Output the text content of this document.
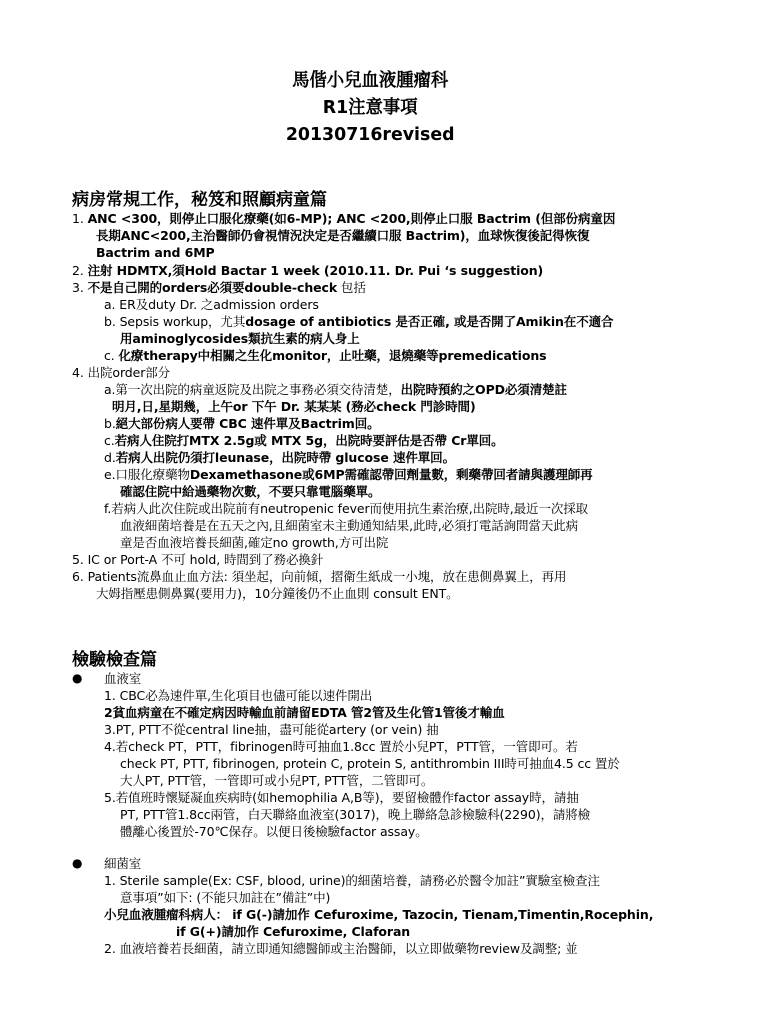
馬偕小兒血液腫瘤科
R1注意事項
20130716revised
病房常規工作，秘笈和照顧病童篇
1. ANC <300，則停止口服化療藥(如6-MP); ANC <200,則停止口服 Bactrim (但部份病童因
長期ANC<200,主治醫師仍會視情況決定是否繼續口服 Bactrim)，血球恢復後記得恢復
Bactrim and 6MP
2. 注射 HDMTX,須Hold Bactar 1 week (2010.11. Dr. Pui ‘s suggestion)
3. 不是自己開的orders必須要double-check 包括
a. ER及duty Dr. 之admission orders
b. Sepsis workup，尤其dosage of antibiotics 是否正確, 或是否開了Amikin在不適合
用aminoglycosides類抗生素的病人身上
c. 化療therapy中相關之生化monitor，止吐藥，退燒藥等premedications
4. 出院order部分
a.第一次出院的病童返院及出院之事務必須交待清楚，出院時預約之OPD必須清楚註
明月,日,星期幾，上午or 下午 Dr. 某某某 (務必check 門診時間)
b.絕大部份病人要帶 CBC 速件單及Bactrim回。
c.若病人住院打MTX 2.5g或 MTX 5g，出院時要評估是否帶 Cr單回。
d.若病人出院仍須打leunase，出院時帶 glucose 速件單回。
e.口服化療藥物Dexamethasone或6MP需確認帶回劑量數，剩藥帶回者請與護理師再
確認住院中給過藥物次數，不要只靠電腦藥單。
f.若病人此次住院或出院前有neutropenic fever而使用抗生素治療,出院時,最近一次採取
血液細菌培養是在五天之內,且細菌室未主動通知結果,此時,必須打電話詢問當天此病
童是否血液培養長細菌,確定no growth,方可出院
5. IC or Port-A 不可 hold, 時間到了務必換針
6. Patients流鼻血止血方法: 須坐起，向前傾，摺衛生紙成一小塊，放在患側鼻翼上，再用
大姆指壓患側鼻翼(要用力)，10分鐘後仍不止血則 consult ENT。
檢驗檢查篇
● 血液室
1. CBC必為速件單,生化項目也儘可能以速件開出
2貧血病童在不確定病因時輸血前請留EDTA 管2管及生化管1管後才輸血
3.PT, PTT不從central line抽，盡可能從artery (or vein) 抽
4.若check PT，PTT，fibrinogen時可抽血1.8cc 置於小兒PT，PTT管，一管即可。若
check PT, PTT, fibrinogen, protein C, protein S, antithrombin III時可抽血4.5 cc 置於
大人PT, PTT管，一管即可或小兒PT, PTT管，二管即可。
5.若值班時懷疑凝血疾病時(如hemophilia A,B等)，要留檢體作factor assay時，請抽
PT, PTT管1.8cc兩管，白天聯絡血液室(3017)，晚上聯絡急診檢驗科(2290)，請將檢
體離心後置於-70℃保存。以便日後檢驗factor assay。
● 細菌室
1. Sterile sample(Ex: CSF, blood, urine)的細菌培養，請務必於醫令加註”實驗室檢查注
意事項”如下: (不能只加註在”備註”中)
小兒血液腫瘤科病人： if G(-)請加作 Cefuroxime, Tazocin, Tienam,Timentin,Rocephin,
if G(+)請加作 Cefuroxime, Claforan
2. 血液培養若長細菌，請立即通知總醫師或主治醫師，以立即做藥物review及調整; 並
